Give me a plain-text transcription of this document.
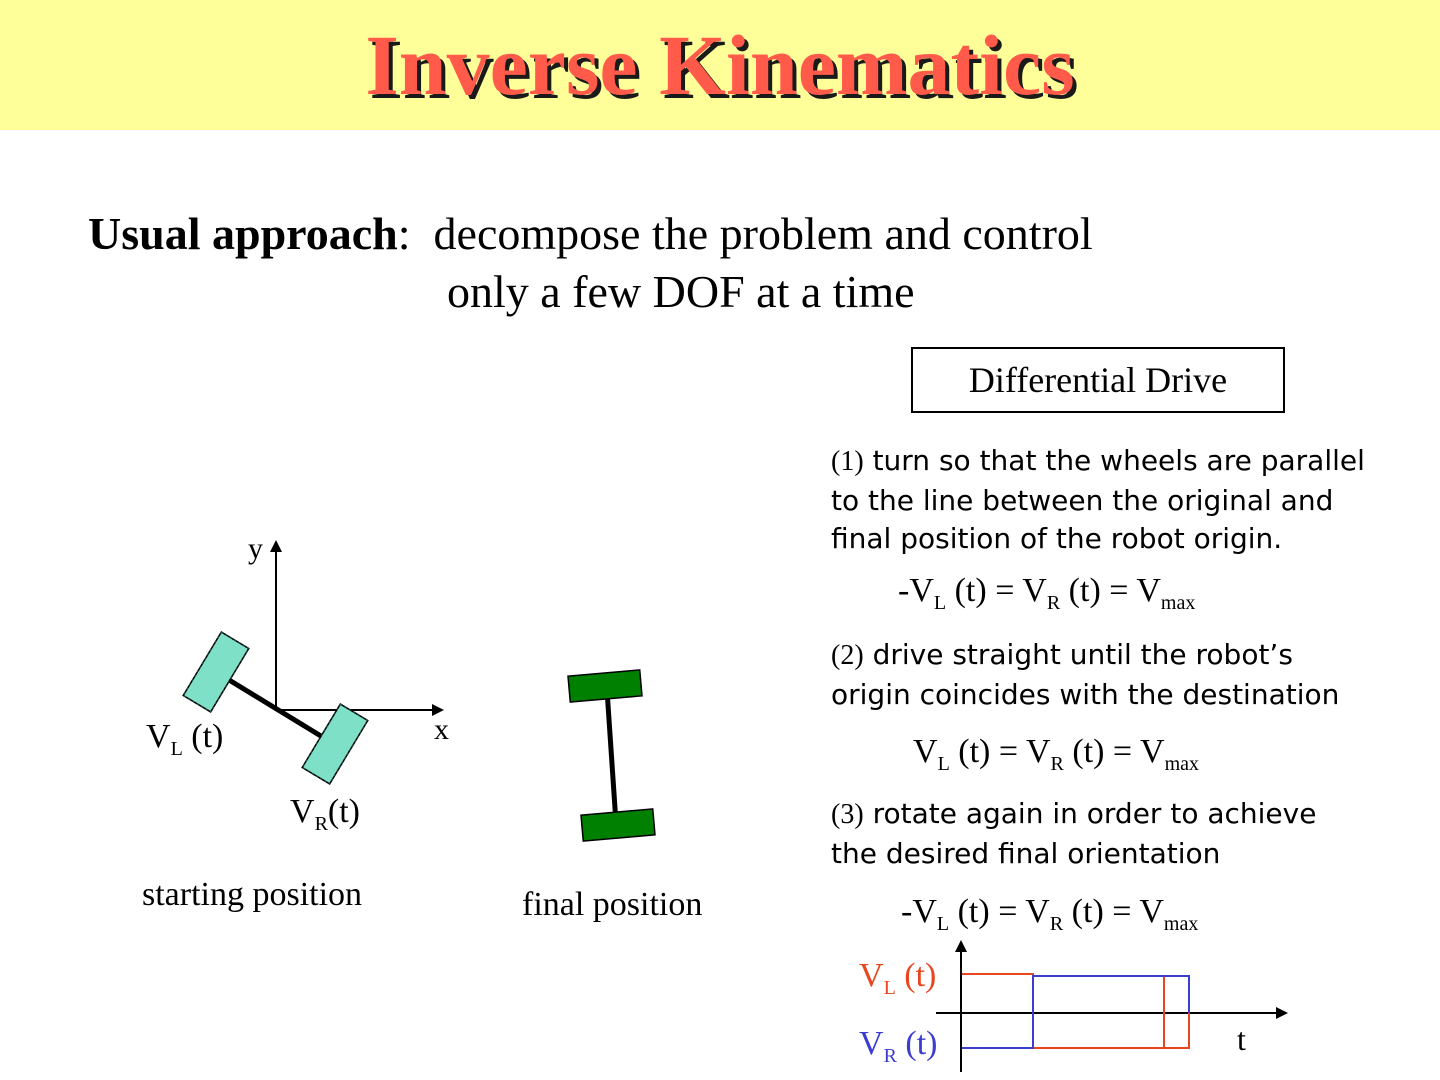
Inverse Kinematics
Usual approach: decompose the problem and control
only a few DOF at a time
Differential Drive
(1) turn so that the wheels are parallel to the line between the original and final position of the robot origin.
(2) drive straight until the robot’s origin coincides with the destination
(3) rotate again in order to achieve the desired final orientation
$-V_L$ $(t) = V_R$ $(t) = V_{max}$
$V_L$ $(t) = V_R$ $(t) = V_{max}$
$-V_L$ $(t) = V_R$ $(t) = V_{max}$
y
x
$V_L$ (t)
$V_R(t)$
starting position	final position
$V_L$ (t)
$V_R$ (t)	t
